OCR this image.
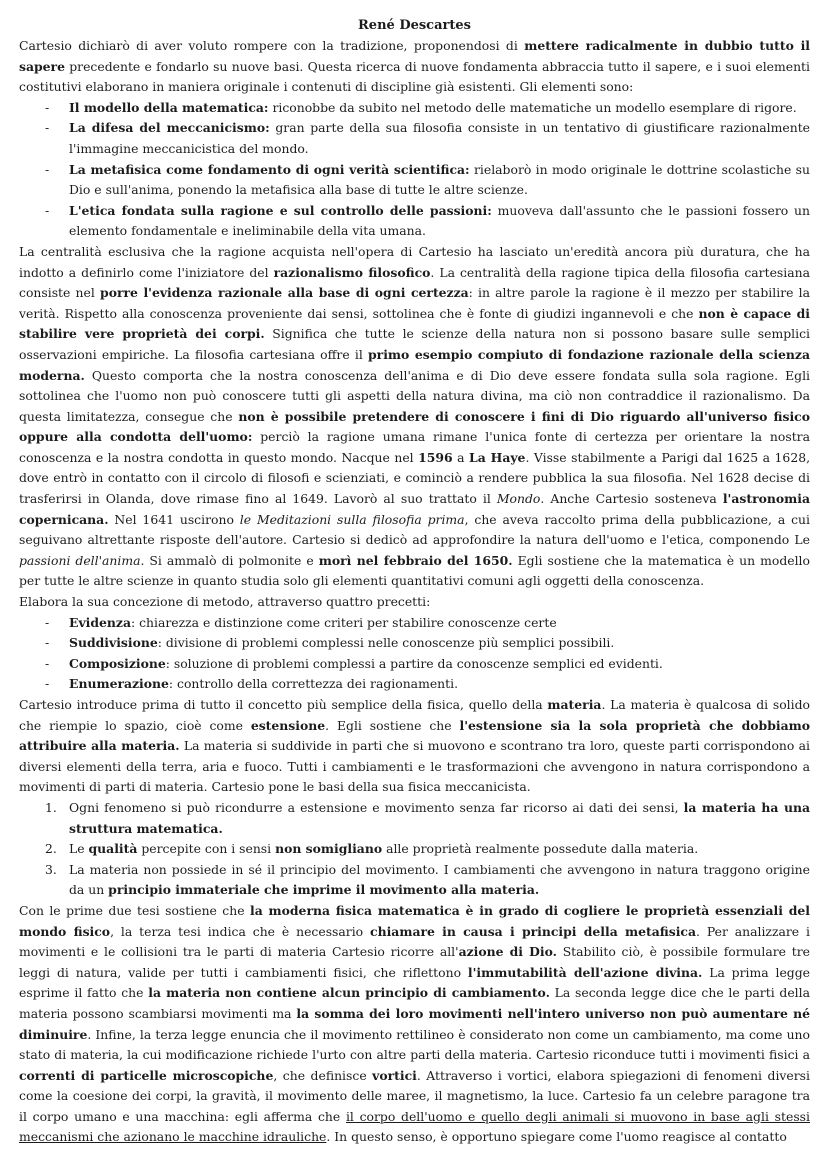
René Descartes

Cartesio dichiarò di aver voluto rompere con la tradizione, proponendosi di mettere radicalmente in dubbio tutto il sapere precedente e fondarlo su nuove basi. Questa ricerca di nuove fondamenta abbraccia tutto il sapere, e i suoi elementi costitutivi elaborano in maniera originale i contenuti di discipline già esistenti. Gli elementi sono:

- Il modello della matematica: riconobbe da subito nel metodo delle matematiche un modello esemplare di rigore.
- La difesa del meccanicismo: gran parte della sua filosofia consiste in un tentativo di giustificare razionalmente l'immagine meccanicistica del mondo.
- La metafisica come fondamento di ogni verità scientifica: rielaborò in modo originale le dottrine scolastiche su Dio e sull'anima, ponendo la metafisica alla base di tutte le altre scienze.
- L'etica fondata sulla ragione e sul controllo delle passioni: muoveva dall'assunto che le passioni fossero un elemento fondamentale e ineliminabile della vita umana.

La centralità esclusiva che la ragione acquista nell'opera di Cartesio ha lasciato un'eredità ancora più duratura, che ha indotto a definirlo come l'iniziatore del razionalismo filosofico. La centralità della ragione tipica della filosofia cartesiana consiste nel porre l'evidenza razionale alla base di ogni certezza: in altre parole la ragione è il mezzo per stabilire la verità. Rispetto alla conoscenza proveniente dai sensi, sottolinea che è fonte di giudizi ingannevoli e che non è capace di stabilire vere proprietà dei corpi. Significa che tutte le scienze della natura non si possono basare sulle semplici osservazioni empiriche. La filosofia cartesiana offre il primo esempio compiuto di fondazione razionale della scienza moderna. Questo comporta che la nostra conoscenza dell'anima e di Dio deve essere fondata sulla sola ragione. Egli sottolinea che l'uomo non può conoscere tutti gli aspetti della natura divina, ma ciò non contraddice il razionalismo. Da questa limitatezza, consegue che non è possibile pretendere di conoscere i fini di Dio riguardo all'universo fisico oppure alla condotta dell'uomo: perciò la ragione umana rimane l'unica fonte di certezza per orientare la nostra conoscenza e la nostra condotta in questo mondo. Nacque nel 1596 a La Haye. Visse stabilmente a Parigi dal 1625 a 1628, dove entrò in contatto con il circolo di filosofi e scienziati, e cominciò a rendere pubblica la sua filosofia. Nel 1628 decise di trasferirsi in Olanda, dove rimase fino al 1649. Lavorò al suo trattato il Mondo. Anche Cartesio sosteneva l'astronomia copernicana. Nel 1641 uscirono le Meditazioni sulla filosofia prima, che aveva raccolto prima della pubblicazione, a cui seguivano altrettante risposte dell'autore. Cartesio si dedicò ad approfondire la natura dell'uomo e l'etica, componendo Le passioni dell'anima. Si ammalò di polmonite e morì nel febbraio del 1650. Egli sostiene che la matematica è un modello per tutte le altre scienze in quanto studia solo gli elementi quantitativi comuni agli oggetti della conoscenza.

Elabora la sua concezione di metodo, attraverso quattro precetti:

- Evidenza: chiarezza e distinzione come criteri per stabilire conoscenze certe
- Suddivisione: divisione di problemi complessi nelle conoscenze più semplici possibili.
- Composizione: soluzione di problemi complessi a partire da conoscenze semplici ed evidenti.
- Enumerazione: controllo della correttezza dei ragionamenti.

Cartesio introduce prima di tutto il concetto più semplice della fisica, quello della materia. La materia è qualcosa di solido che riempie lo spazio, cioè come estensione. Egli sostiene che l'estensione sia la sola proprietà che dobbiamo attribuire alla materia. La materia si suddivide in parti che si muovono e scontrano tra loro, queste parti corrispondono ai diversi elementi della terra, aria e fuoco. Tutti i cambiamenti e le trasformazioni che avvengono in natura corrispondono a movimenti di parti di materia. Cartesio pone le basi della sua fisica meccanicista.

1. Ogni fenomeno si può ricondurre a estensione e movimento senza far ricorso ai dati dei sensi, la materia ha una struttura matematica.
2. Le qualità percepite con i sensi non somigliano alle proprietà realmente possedute dalla materia.
3. La materia non possiede in sé il principio del movimento. I cambiamenti che avvengono in natura traggono origine da un principio immateriale che imprime il movimento alla materia.

Con le prime due tesi sostiene che la moderna fisica matematica è in grado di cogliere le proprietà essenziali del mondo fisico, la terza tesi indica che è necessario chiamare in causa i principi della metafisica. Per analizzare i movimenti e le collisioni tra le parti di materia Cartesio ricorre all'azione di Dio. Stabilito ciò, è possibile formulare tre leggi di natura, valide per tutti i cambiamenti fisici, che riflettono l'immutabilità dell'azione divina. La prima legge esprime il fatto che la materia non contiene alcun principio di cambiamento. La seconda legge dice che le parti della materia possono scambiarsi movimenti ma la somma dei loro movimenti nell'intero universo non può aumentare né diminuire. Infine, la terza legge enuncia che il movimento rettilineo è considerato non come un cambiamento, ma come uno stato di materia, la cui modificazione richiede l'urto con altre parti della materia. Cartesio riconduce tutti i movimenti fisici a correnti di particelle microscopiche, che definisce vortici. Attraverso i vortici, elabora spiegazioni di fenomeni diversi come la coesione dei corpi, la gravità, il movimento delle maree, il magnetismo, la luce. Cartesio fa un celebre paragone tra il corpo umano e una macchina: egli afferma che il corpo dell'uomo e quello degli animali si muovono in base agli stessi meccanismi che azionano le macchine idrauliche. In questo senso, è opportuno spiegare come l'uomo reagisce al contatto
